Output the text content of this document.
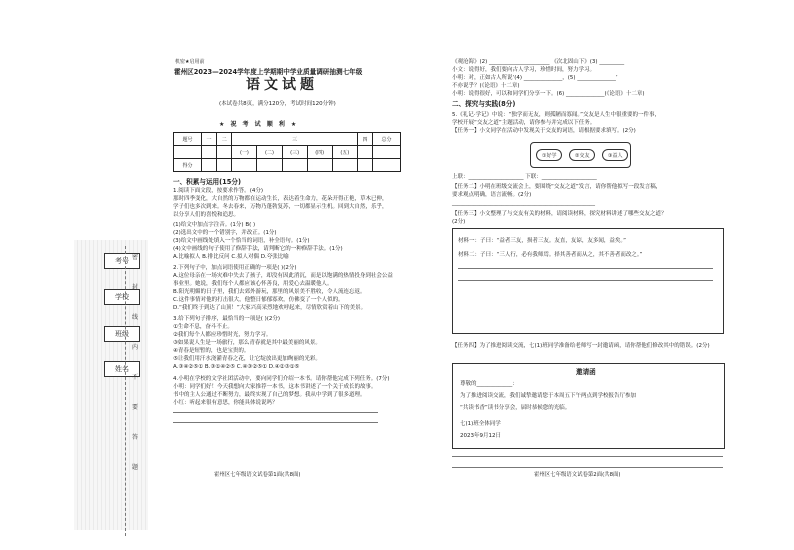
机密★启用前
霍州区2023—2024学年度上学期期中学业质量调研抽测七年级
语文试题
(本试卷共8页，满分120分，考试时间120分钟)
★ 祝 考 试 顺 利 ★
题号	一	二	三					四	总分
			(一)	(二)	(三)	(四)	(五)		
得分									
考号
学校
班级
姓名
密
封
线
内
不
要
答
题
一、积累与运用(15分)
1.阅读下面文段，按要求作答。(4分)
那时四季变化，大自然的万物都在运动生长，表达着生命力，花朵开得正艳，草木已伸，
学子们也多次到来。冬去春来，万物乃蓬勃复苏，一切都显示生机。回到大自然，乐乎，
以分享人们的喜悦和追思。
(1)给文中加点字注音。(1分) B( )
(2)选出文中的一个错别字，并改正。(1分)
(3)给文中画线处填入一个恰当的词语，补全语句。(1分)
(4)文中画线的句子使用了修辞手法，请判断它的一种修辞手法。(1分)
A.比喻拟人 B.排比反问 C.拟人对偶 D.夸张比喻
2.下列句子中，加点词语使用正确的一项是( )(2分)
A.这位母亲在一场灾难中失去了孩子，却没有因此消沉，而是以饱满的热情投身到社会公益
事业里。她说，我们每个人都应该心怀善良，用爱心去温暖他人。
B.阳光明媚的日子里，我们去郊外游玩，那里的风景美不胜收，令人流连忘返。
C.这件事情对他的打击很大，他整日郁郁寡欢，仿佛变了一个人似的。
D.“我们终于到达了山顶！”大家兴高采烈地欢呼起来，尽情欣赏着山下的美景。
3.给下列句子排序，最恰当的一项是( )(2分)
①生命不息，奋斗不止。
②我们每个人都应珍惜时光，努力学习。
③如果说人生是一场旅行，那么青春就是其中最美丽的风景。
④青春是短暂的，也是宝贵的。
⑤让我们用汗水浇灌青春之花，让它绽放出更加绚丽的光彩。
A.③④②⑤① B.③①④②⑤ C.④③②⑤① D.④②③①⑤
4.小明在学校的文学社团活动中，要向同学们介绍一本书。请你帮他完成下列任务。(7分)
小明：同学们好！今天我想向大家推荐一本书，这本书讲述了一个关于成长的故事。
书中的主人公通过不断努力，最终实现了自己的梦想。我从中学到了很多道理。
小红：听起来很有意思，你能具体说说吗？
霍州区七年级语文试卷第1面(共8面)
《观沧海》(2) ______________________ 《次北固山下》(3) _________
小文：说得好，我们要向古人学习，珍惜时间，努力学习。
小明：对，正如古人所说‘(4) ______________，(5) ______________’
不亦说乎？(《论语》十二章)
小明：说得很好，可以和同学们分享一下。(6) ______________(《论语》十二章)
二、探究与实践(8分)
5.《礼记·学记》中说：“独学而无友，则孤陋而寡闻。”交友是人生中很重要的一件事，
学校开展“交友之道”主题活动，请你参与并完成以下任务。
【任务一】小文同学在活动中发现关于交友的词语，请根据要求填写。(2分)
①好学	②交友	③益人
上联：____________________ 下联：____________________
【任务二】小明在班级交流会上，要围绕“交友之道”发言，请你帮他拟写一段发言稿，
要求观点明确，语言流畅。(2分)
____________________________________________________
【任务三】小文整理了与交友有关的材料，请阅读材料，探究材料讲述了哪些交友之道？
(2分)
材料一：子曰：“益者三友，损者三友。友直，友谅，友多闻，益矣。”
材料二：子曰：“三人行，必有我师焉。择其善者而从之，其不善者而改之。”
【任务四】为了推进阅读交流，七(1)班同学准备给老师写一封邀请函，请你帮他们修改其中的错误。(2分)
邀请函
尊敬的_____________：
为了推进阅读交流，我们诚挚邀请您于本周五下午两点到学校报告厅参加
“共读书香”读书分享会，届时恭候您的光临。
七(1)班全体同学
2023年9月12日
霍州区七年级语文试卷第2面(共8面)
